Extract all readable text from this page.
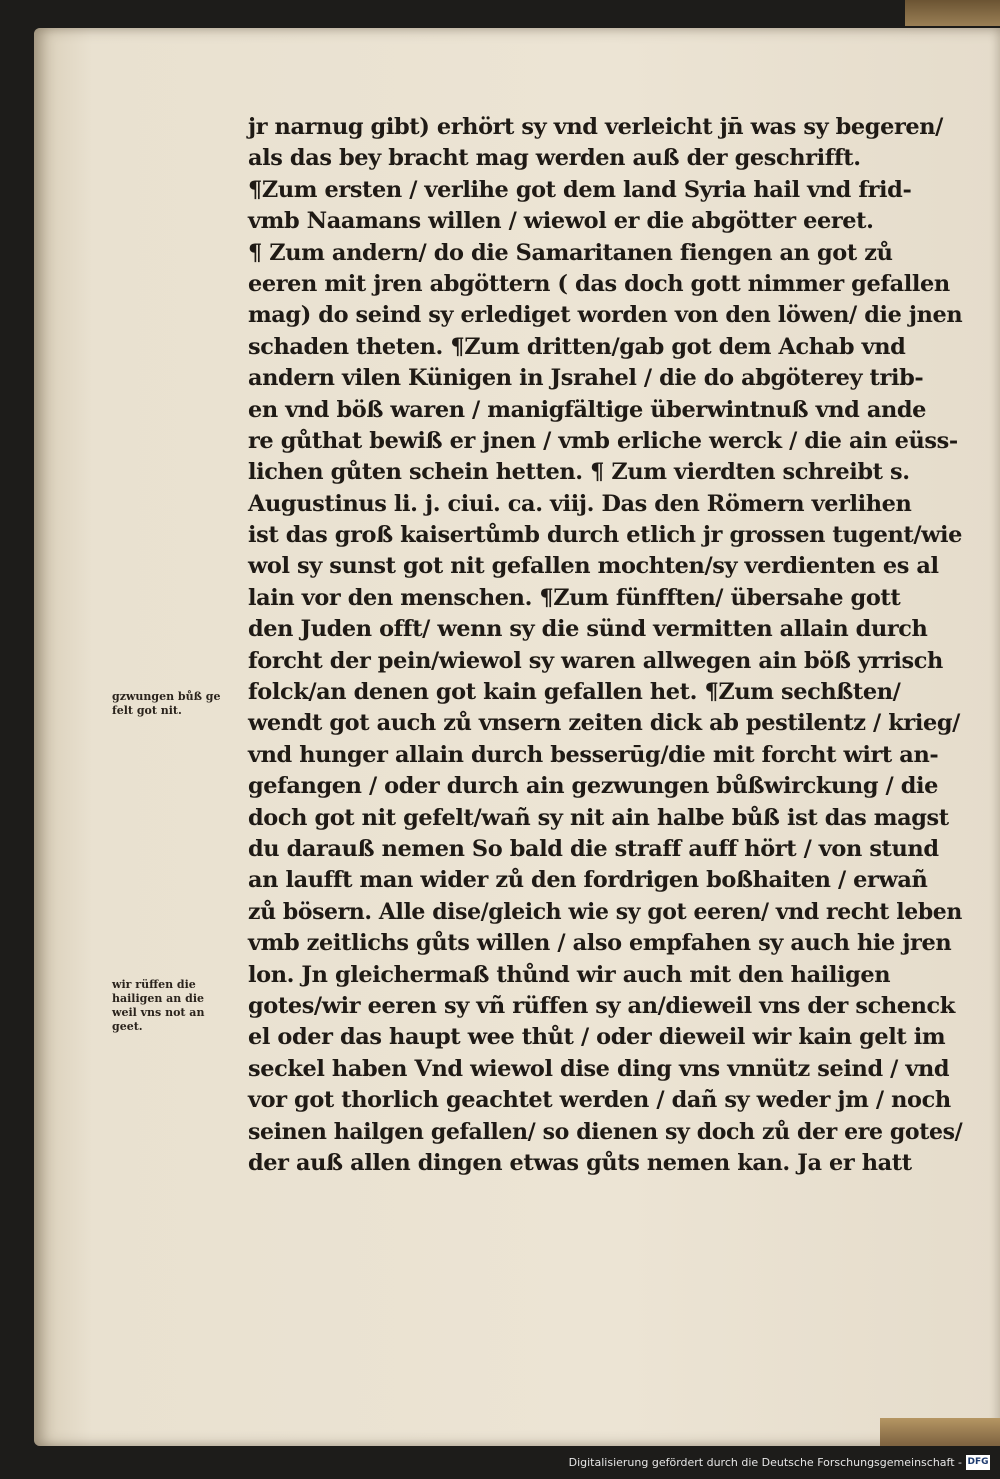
jr narnug gibt) erhört sy vnd verleicht jn̄ was sy begeren/
als das bey bracht mag werden auß der geschrifft.
¶Zum ersten / verlihe got dem land Syria hail vnd frid-
vmb Naamans willen / wiewol er die abgötter eeret.
¶ Zum andern/ do die Samaritanen fiengen an got zů
eeren mit jren abgöttern ( das doch gott nimmer gefallen
mag) do seind sy erlediget worden von den löwen/ die jnen
schaden theten. ¶Zum dritten/gab got dem Achab vnd
andern vilen Künigen in Jsrahel / die do abgöterey trib-
en vnd böß waren / manigfältige überwintnuß vnd ande
re gůthat bewiß er jnen / vmb erliche werck / die ain eüss-
lichen gůten schein hetten. ¶ Zum vierdten schreibt s.
Augustinus li. j. ciui. ca. viij. Das den Römern verlihen
ist das groß kaisertůmb durch etlich jr grossen tugent/wie
wol sy sunst got nit gefallen mochten/sy verdienten es al
lain vor den menschen. ¶Zum fünfften/ übersahe gott
den Juden offt/ wenn sy die sünd vermitten allain durch
forcht der pein/wiewol sy waren allwegen ain böß yrrisch
folck/an denen got kain gefallen het. ¶Zum sechßten/
wendt got auch zů vnsern zeiten dick ab pestilentz / krieg/
vnd hunger allain durch besserūg/die mit forcht wirt an-
gefangen / oder durch ain gezwungen bůßwirckung / die
doch got nit gefelt/wañ sy nit ain halbe bůß ist das magst
du darauß nemen So bald die straff auff hört / von stund
an laufft man wider zů den fordrigen boßhaiten / erwañ
zů bösern. Alle dise/gleich wie sy got eeren/ vnd recht leben
vmb zeitlichs gůts willen / also empfahen sy auch hie jren
lon. Jn gleichermaß thůnd wir auch mit den hailigen
gotes/wir eeren sy vñ rüffen sy an/dieweil vns der schenck
el oder das haupt wee thůt / oder dieweil wir kain gelt im
seckel haben Vnd wiewol dise ding vns vnnütz seind / vnd
vor got thorlich geachtet werden / dañ sy weder jm / noch
seinen hailgen gefallen/ so dienen sy doch zů der ere gotes/
der auß allen dingen etwas gůts nemen kan. Ja er hatt
gzwungen bůß ge
felt got nit.
wir rüffen die
hailigen an die
weil vns not an
geet.
Digitalisierung gefördert durch die Deutsche Forschungsgemeinschaft - DFG
